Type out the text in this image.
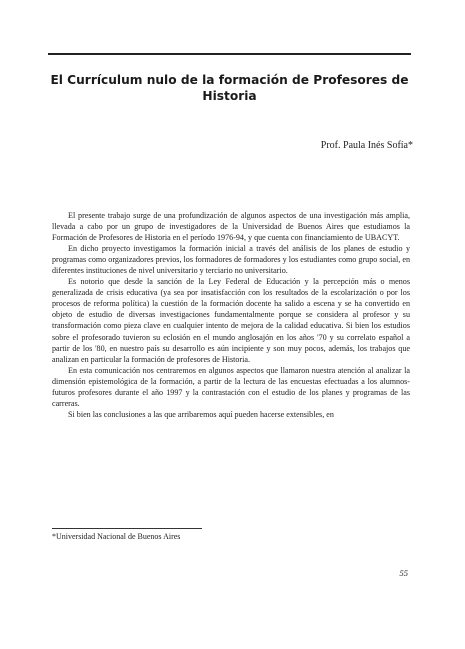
El Currículum nulo de la formación de Profesores de
Historia
Prof. Paula Inés Sofía*

El presente trabajo surge de una profundización de algunos aspectos de una investigación más amplia, llevada a cabo por un grupo de investigadores de la Universidad de Buenos Aires que estudiamos la Formación de Profesores de Historia en el período 1976-94, y que cuenta con financiamiento de UBACYT.

En dicho proyecto investigamos la formación inicial a través del análisis de los planes de estudio y programas como organizadores previos, los formadores de formadores y los estudiantes como grupo social, en diferentes instituciones de nivel universitario y terciario no universitario.

Es notorio que desde la sanción de la Ley Federal de Educación y la percepción más o menos generalizada de crisis educativa (ya sea por insatisfacción con los resultados de la escolarización o por los procesos de reforma política) la cuestión de la formación docente ha salido a escena y se ha convertido en objeto de estudio de diversas investigaciones fundamentalmente porque se considera al profesor y su transformación como pieza clave en cualquier intento de mejora de la calidad educativa. Si bien los estudios sobre el profesorado tuvieron su eclosión en el mundo anglosajón en los años '70 y su correlato español a partir de los '80, en nuestro país su desarrollo es aún incipiente y son muy pocos, además, los trabajos que analizan en particular la formación de profesores de Historia.

En esta comunicación nos centraremos en algunos aspectos que llamaron nuestra atención al analizar la dimensión epistemológica de la formación, a partir de la lectura de las encuestas efectuadas a los alumnos-futuros profesores durante el año 1997 y la contrastación con el estudio de los planes y programas de las carreras.

Si bien las conclusiones a las que arribaremos aquí pueden hacerse extensibles, en

*Universidad Nacional de Buenos Aires
55
